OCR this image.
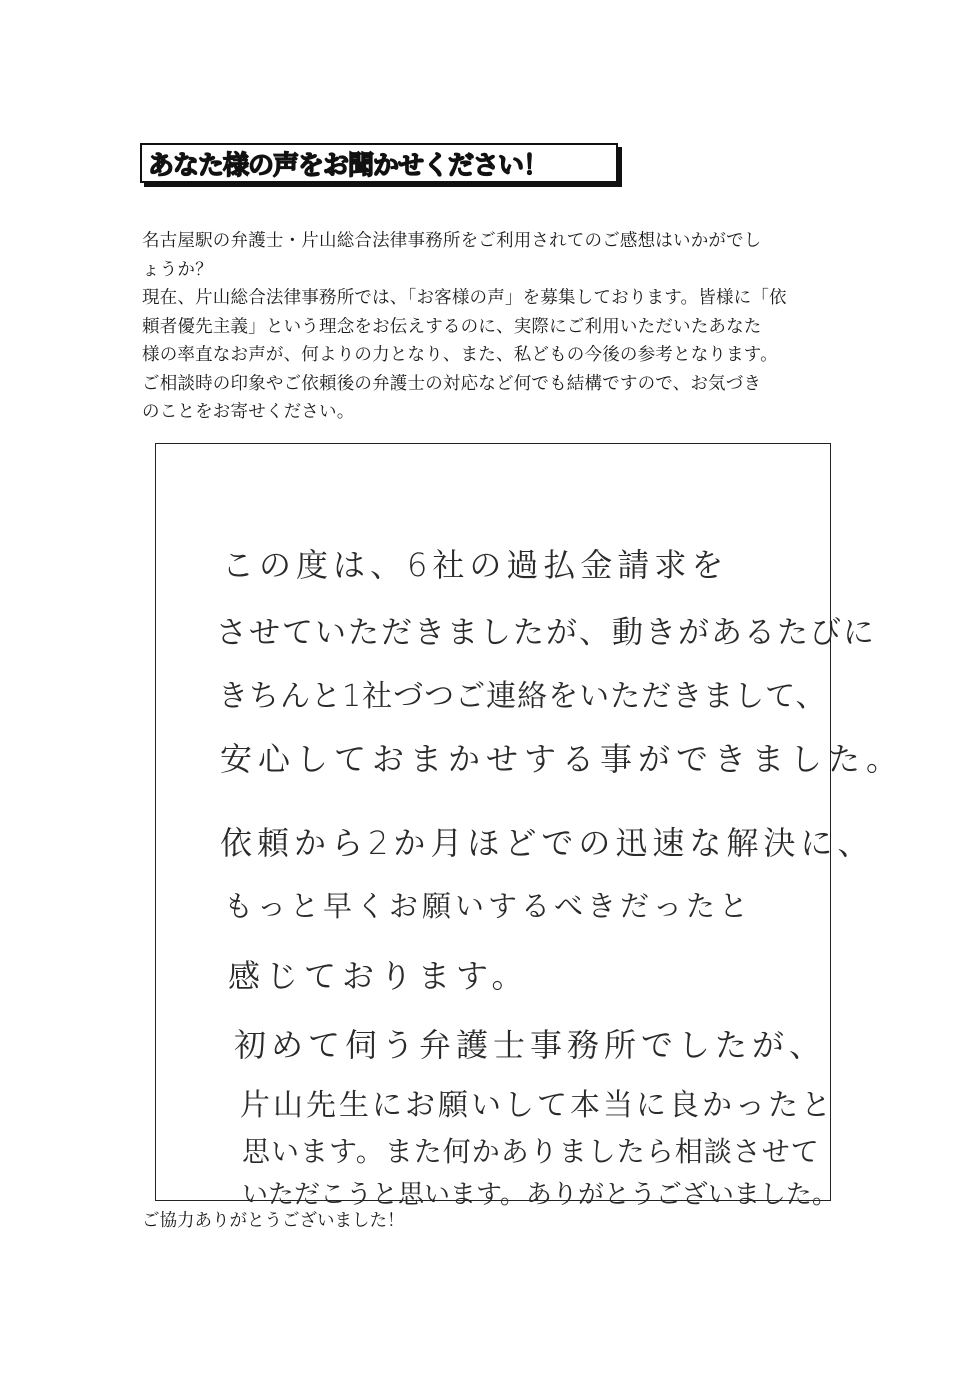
あなた様の声をお聞かせください！

名古屋駅の弁護士・片山総合法律事務所をご利用されてのご感想はいかがでし

ょうか？

現在、片山総合法律事務所では、「お客様の声」を募集しております。皆様に「依

頼者優先主義」という理念をお伝えするのに、実際にご利用いただいたあなた

様の率直なお声が、何よりの力となり、また、私どもの今後の参考となります。

ご相談時の印象やご依頼後の弁護士の対応など何でも結構ですので、お気づき

のことをお寄せください。

この度は、6社の過払金請求を
させていただきましたが、動きがあるたびに
きちんと1社づつご連絡をいただきまして、
安心しておまかせする事ができました。
依頼から2か月ほどでの迅速な解決に、
もっと早くお願いするべきだったと
感じております。
初めて伺う弁護士事務所でしたが、
片山先生にお願いして本当に良かったと
思います。また何かありましたら相談させて
いただこうと思います。ありがとうございました。
ご協力ありがとうございました！
